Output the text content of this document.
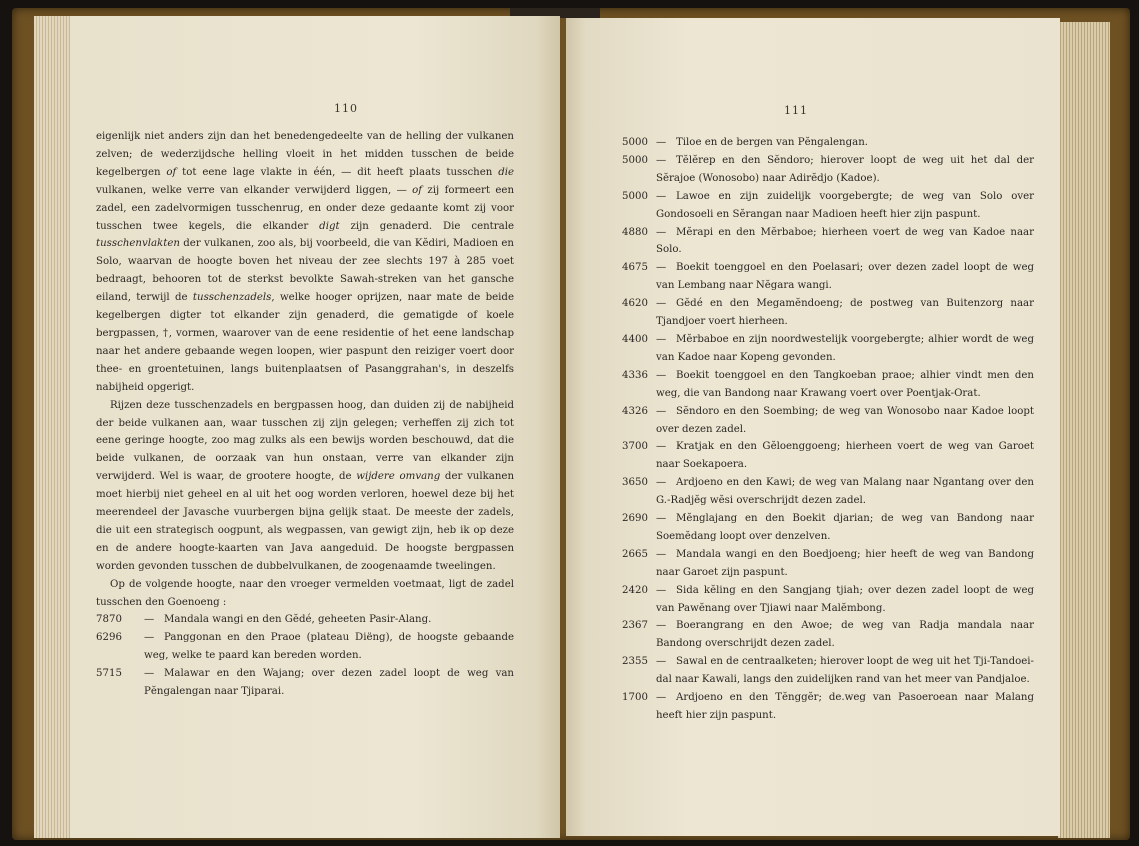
110

eigenlijk niet anders zijn dan het benedengedeelte van de helling der vulkanen zelven; de wederzijdsche helling vloeit in het midden tusschen de beide kegelbergen of tot eene lage vlakte in één, — dit heeft plaats tusschen die vulkanen, welke verre van elkander verwijderd liggen, — of zij formeert een zadel, een zadelvormigen tusschenrug, en onder deze gedaante komt zij voor tusschen twee kegels, die elkander digt zijn genaderd. Die centrale tusschenvlakten der vulkanen, zoo als, bij voorbeeld, die van Kĕdiri, Madioen en Solo, waarvan de hoogte boven het niveau der zee slechts 197 à 285 voet bedraagt, behooren tot de sterkst bevolkte Sawah-streken van het gansche eiland, terwijl de tusschenzadels, welke hooger oprijzen, naar mate de beide kegelbergen digter tot elkander zijn genaderd, die gematigde of koele bergpassen, †, vormen, waarover van de eene residentie of het eene landschap naar het andere gebaande wegen loopen, wier paspunt den reiziger voert door thee- en groentetuinen, langs buitenplaatsen of Pasanggrahan's, in deszelfs nabijheid opgerigt.

Rijzen deze tusschenzadels en bergpassen hoog, dan duiden zij de nabijheid der beide vulkanen aan, waar tusschen zij zijn gelegen; verheffen zij zich tot eene geringe hoogte, zoo mag zulks als een bewijs worden beschouwd, dat die beide vulkanen, de oorzaak van hun onstaan, verre van elkander zijn verwijderd. Wel is waar, de grootere hoogte, de wijdere omvang der vulkanen moet hierbij niet geheel en al uit het oog worden verloren, hoewel deze bij het meerendeel der Javasche vuurbergen bijna gelijk staat. De meeste der zadels, die uit een strategisch oogpunt, als wegpassen, van gewigt zijn, heb ik op deze en de andere hoogte-kaarten van Java aangeduid. De hoogste bergpassen worden gevonden tusschen de dubbelvulkanen, de zoogenaamde tweelingen.

Op de volgende hoogte, naar den vroeger vermelden voetmaat, ligt de zadel tusschen den Goenoeng :

7870	— Mandala wangi en den Gĕdé, geheeten Pasir-Alang.
6296	— Panggonan en den Praoe (plateau Diëng), de hoogste gebaande weg, welke te paard kan bereden worden.
5715	— Malawar en den Wajang; over dezen zadel loopt de weg van Pĕngalengan naar Tjiparai.
111
5000 — Tiloe en de bergen van Pĕngalengan.
5000 — Tĕlĕrep en den Sĕndoro; hierover loopt de weg uit het dal der Sĕrajoe (Wonosobo) naar Adirĕdjo (Kadoe).
5000 — Lawoe en zijn zuidelijk voorgebergte; de weg van Solo over Gondosoeli en Sĕrangan naar Madioen heeft hier zijn paspunt.
4880 — Mĕrapi en den Mĕrbaboe; hierheen voert de weg van Kadoe naar Solo.
4675 — Boekit toenggoel en den Poelasari; over dezen zadel loopt de weg van Lembang naar Nĕgara wangi.
4620 — Gĕdé en den Megamĕndoeng; de postweg van Buitenzorg naar Tjandjoer voert hierheen.
4400 — Mĕrbaboe en zijn noordwestelijk voorgebergte; alhier wordt de weg van Kadoe naar Kopeng gevonden.
4336 — Boekit toenggoel en den Tangkoeban praoe; alhier vindt men den weg, die van Bandong naar Krawang voert over Poentjak-Orat.
4326 — Sĕndoro en den Soembing; de weg van Wonosobo naar Kadoe loopt over dezen zadel.
3700 — Kratjak en den Gĕloenggoeng; hierheen voert de weg van Garoet naar Soekapoera.
3650 — Ardjoeno en den Kawi; de weg van Malang naar Ngantang over den G.-Radjĕg wĕsi overschrijdt dezen zadel.
2690 — Mĕnglajang en den Boekit djarian; de weg van Bandong naar Soemĕdang loopt over denzelven.
2665 — Mandala wangi en den Boedjoeng; hier heeft de weg van Bandong naar Garoet zijn paspunt.
2420 — Sida kĕling en den Sangjang tjiah; over dezen zadel loopt de weg van Pawĕnang over Tjiawi naar Malĕmbong.
2367 — Boerangrang en den Awoe; de weg van Radja mandala naar Bandong overschrijdt dezen zadel.
2355 — Sawal en de centraalketen; hierover loopt de weg uit het Tji-Tandoei-dal naar Kawali, langs den zuidelijken rand van het meer van Pandjaloe.
1700 — Ardjoeno en den Tĕnggĕr; de.weg van Pasoeroean naar Malang heeft hier zijn paspunt.
